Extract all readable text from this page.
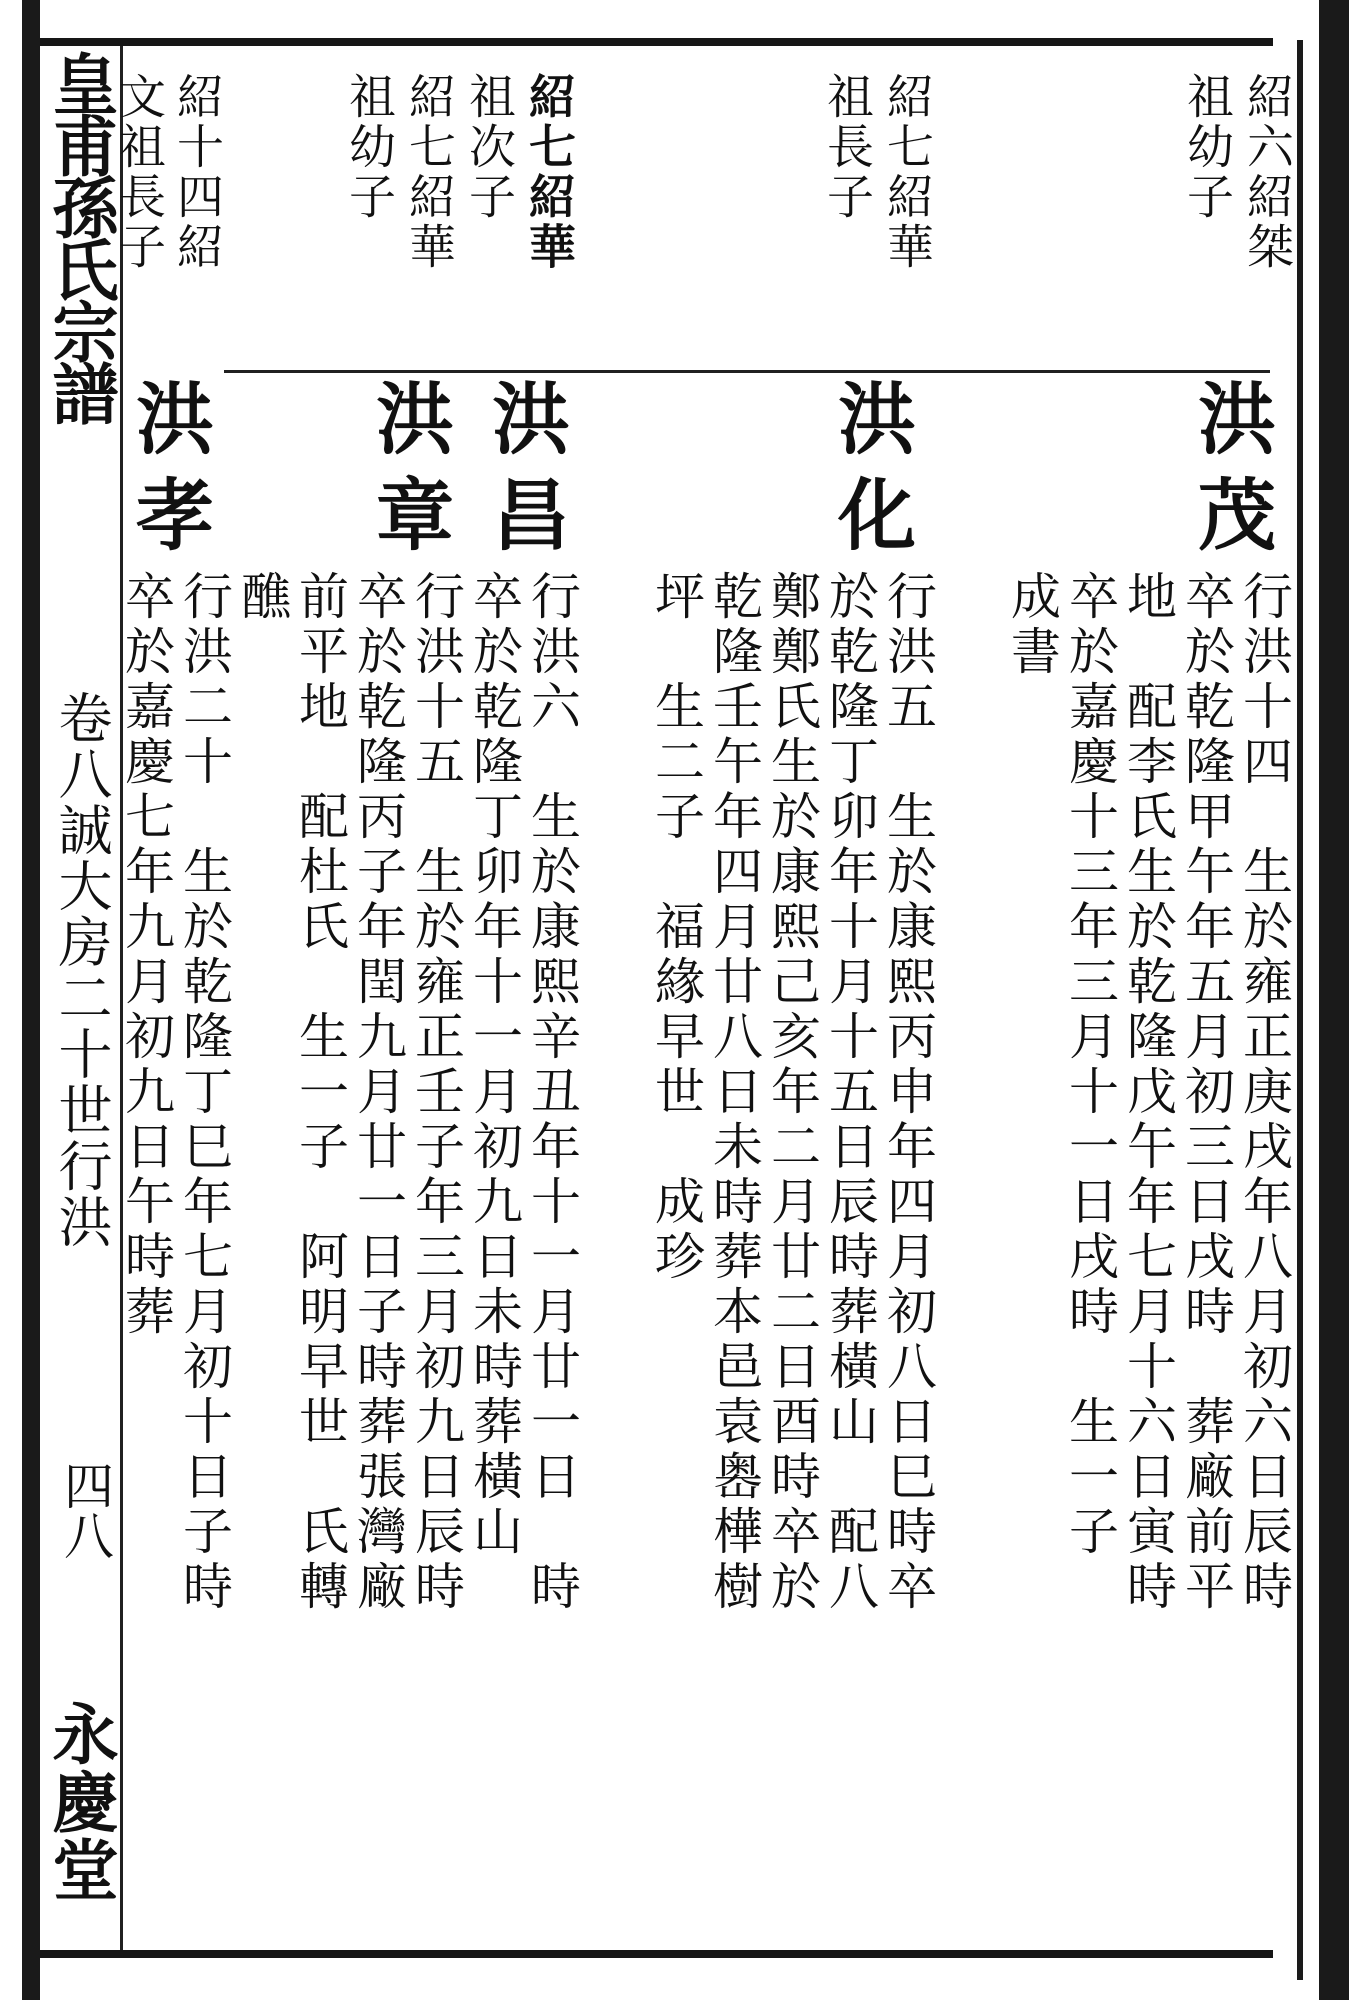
皇甫孫氏宗譜
卷八誠大房二十世行洪
四八
永慶堂
紹六紹桀
祖幼子
紹七紹華
祖長子
紹七紹華
祖次子
紹七紹華
祖幼子
紹十四紹
文祖長子
洪茂
行洪十四　生於雍正庚戌年八月初六日辰時
卒於乾隆甲午年五月初三日戌時　葬廠前平
地　配李氏生於乾隆戊午年七月十六日寅時
卒於嘉慶十三年三月十一日戌時　生一子
成書
洪化
行洪五　生於康熙丙申年四月初八日巳時卒
於乾隆丁卯年十月十五日辰時葬橫山　配八
鄭鄭氏生於康熙己亥年二月廿二日酉時卒於
乾隆壬午年四月廿八日未時葬本邑袁嶴樺樹
坪　生二子　福緣早世　成珍
洪昌
行洪六　生於康熙辛丑年十一月廿一日　時
卒於乾隆丁卯年十一月初九日未時葬橫山
洪章
行洪十五　生於雍正壬子年三月初九日辰時
卒於乾隆丙子年閏九月廿一日子時葬張灣廠
前平地　配杜氏　生一子　阿明早世　氏轉
醮
洪孝
行洪二十　生於乾隆丁巳年七月初十日子時
卒於嘉慶七年九月初九日午時葬
